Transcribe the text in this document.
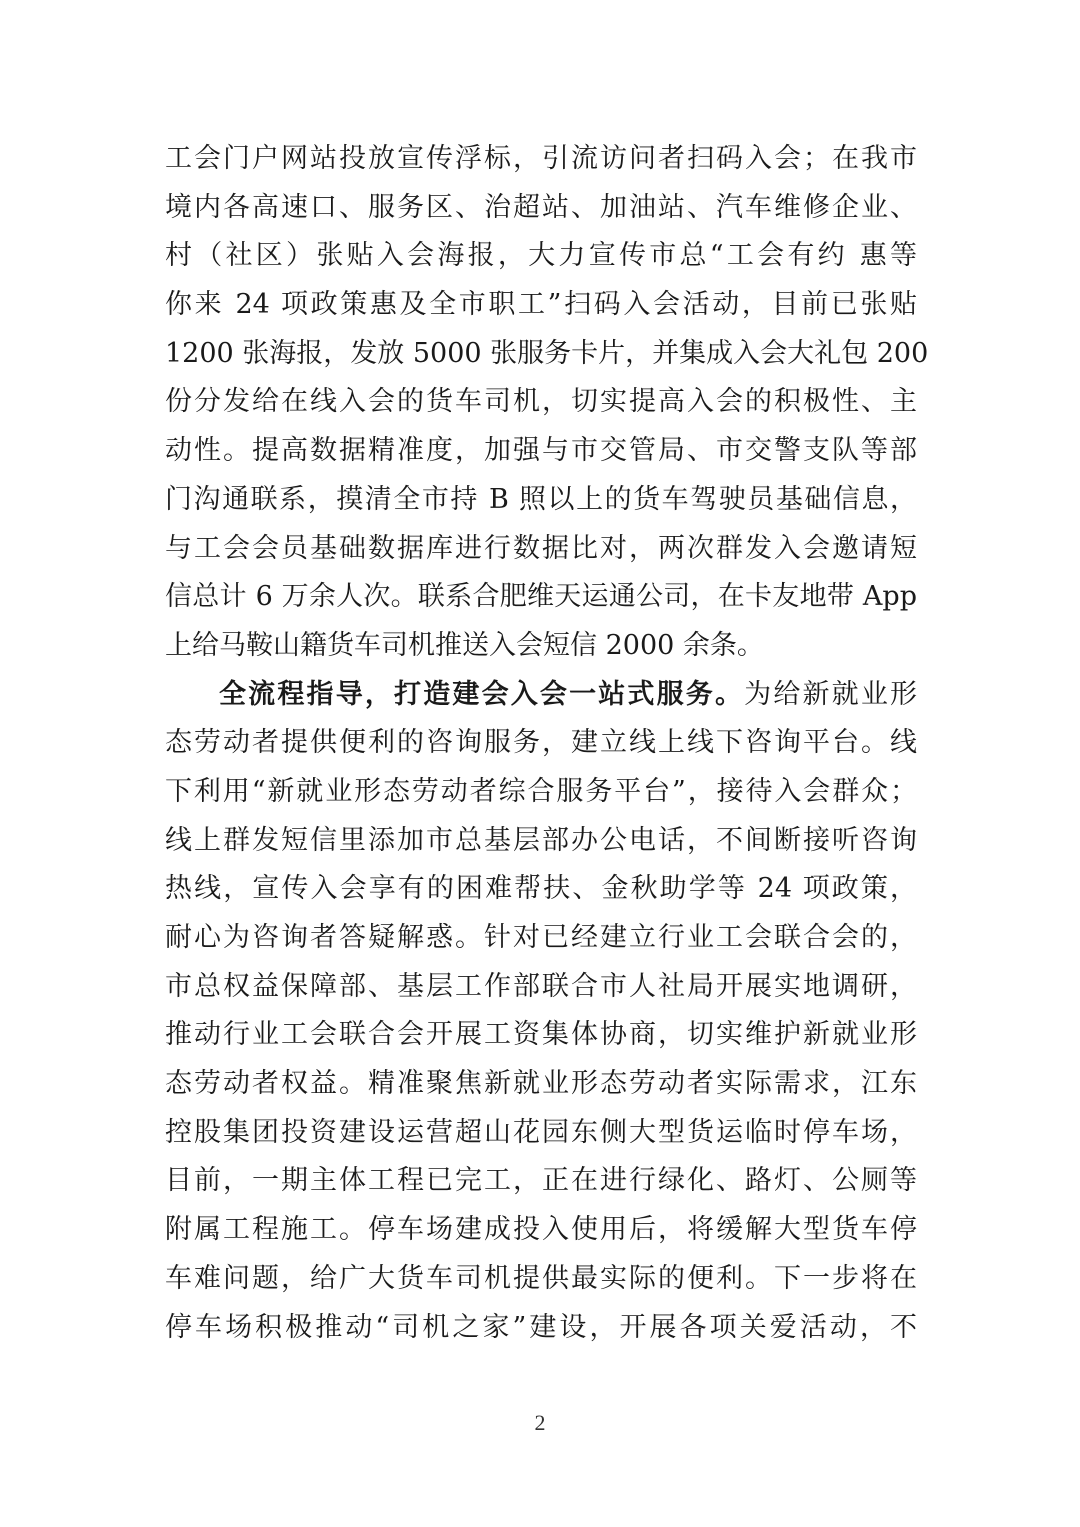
工会门户网站投放宣传浮标，引流访问者扫码入会；在我市
境内各高速口、服务区、治超站、加油站、汽车维修企业、
村（社区）张贴入会海报，大力宣传市总“工会有约 惠等
你来 24 项政策惠及全市职工”扫码入会活动，目前已张贴
1200 张海报，发放 5000 张服务卡片，并集成入会大礼包 200
份分发给在线入会的货车司机，切实提高入会的积极性、主
动性。提高数据精准度，加强与市交管局、市交警支队等部
门沟通联系，摸清全市持 B 照以上的货车驾驶员基础信息，
与工会会员基础数据库进行数据比对，两次群发入会邀请短
信总计 6 万余人次。联系合肥维天运通公司，在卡友地带 App
上给马鞍山籍货车司机推送入会短信 2000 余条。
全流程指导，打造建会入会一站式服务。为给新就业形
态劳动者提供便利的咨询服务，建立线上线下咨询平台。线
下利用“新就业形态劳动者综合服务平台”，接待入会群众；
线上群发短信里添加市总基层部办公电话，不间断接听咨询
热线，宣传入会享有的困难帮扶、金秋助学等 24 项政策，
耐心为咨询者答疑解惑。针对已经建立行业工会联合会的，
市总权益保障部、基层工作部联合市人社局开展实地调研，
推动行业工会联合会开展工资集体协商，切实维护新就业形
态劳动者权益。精准聚焦新就业形态劳动者实际需求，江东
控股集团投资建设运营超山花园东侧大型货运临时停车场，
目前，一期主体工程已完工，正在进行绿化、路灯、公厕等
附属工程施工。停车场建成投入使用后，将缓解大型货车停
车难问题，给广大货车司机提供最实际的便利。下一步将在
停车场积极推动“司机之家”建设，开展各项关爱活动，不
2
